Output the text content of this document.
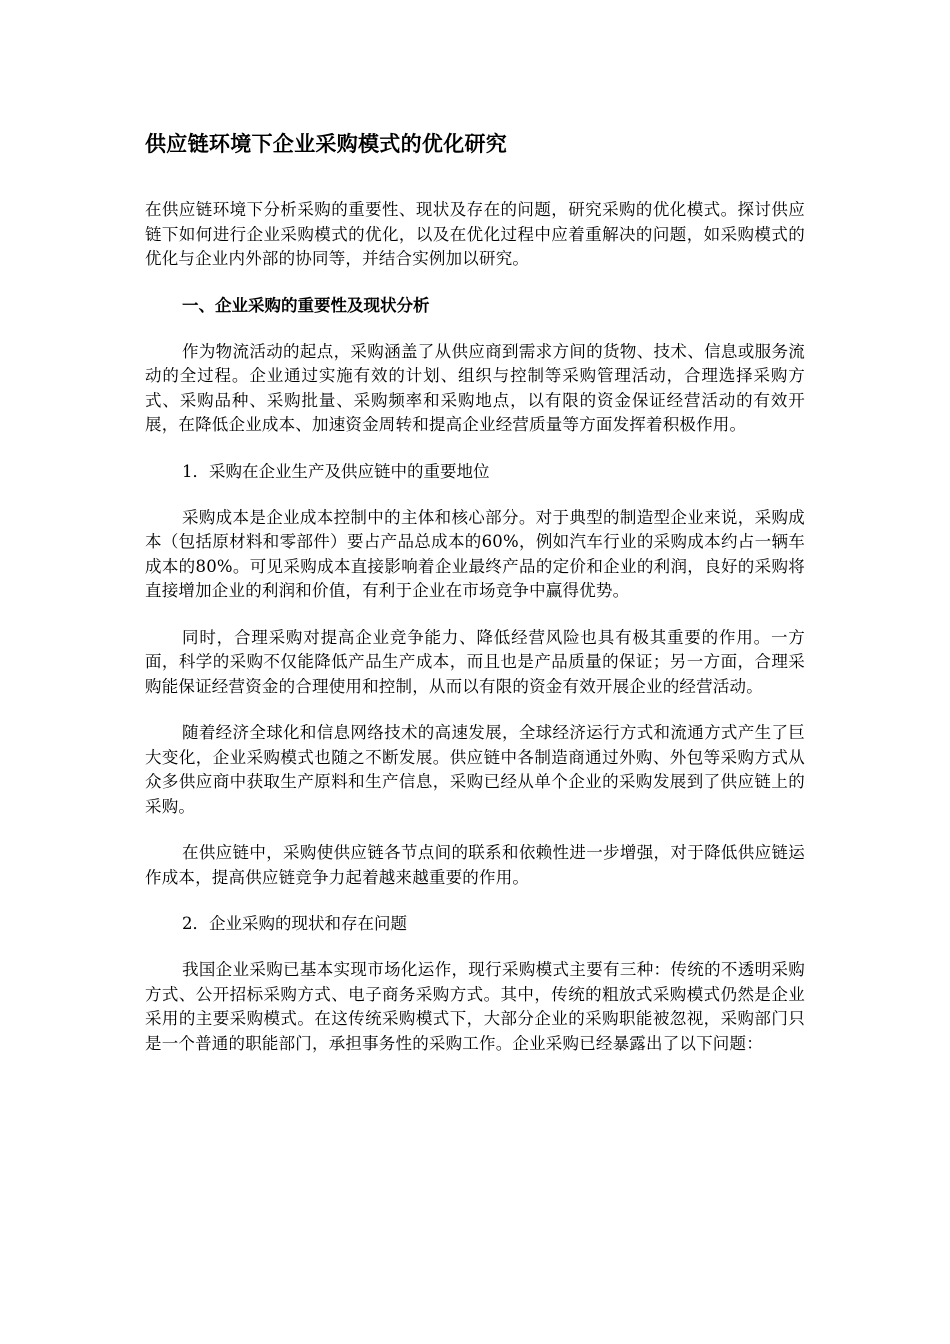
供应链环境下企业采购模式的优化研究

在供应链环境下分析采购的重要性、现状及存在的问题，研究采购的优化模式。探讨供应链下如何进行企业采购模式的优化，以及在优化过程中应着重解决的问题，如采购模式的优化与企业内外部的协同等，并结合实例加以研究。

一、企业采购的重要性及现状分析

作为物流活动的起点，采购涵盖了从供应商到需求方间的货物、技术、信息或服务流动的全过程。企业通过实施有效的计划、组织与控制等采购管理活动，合理选择采购方式、采购品种、采购批量、采购频率和采购地点，以有限的资金保证经营活动的有效开展，在降低企业成本、加速资金周转和提高企业经营质量等方面发挥着积极作用。

1．采购在企业生产及供应链中的重要地位

采购成本是企业成本控制中的主体和核心部分。对于典型的制造型企业来说，采购成本（包括原材料和零部件）要占产品总成本的60%，例如汽车行业的采购成本约占一辆车成本的80%。可见采购成本直接影响着企业最终产品的定价和企业的利润，良好的采购将直接增加企业的利润和价值，有利于企业在市场竞争中赢得优势。

同时，合理采购对提高企业竞争能力、降低经营风险也具有极其重要的作用。一方面，科学的采购不仅能降低产品生产成本，而且也是产品质量的保证；另一方面，合理采购能保证经营资金的合理使用和控制，从而以有限的资金有效开展企业的经营活动。

随着经济全球化和信息网络技术的高速发展，全球经济运行方式和流通方式产生了巨大变化，企业采购模式也随之不断发展。供应链中各制造商通过外购、外包等采购方式从众多供应商中获取生产原料和生产信息，采购已经从单个企业的采购发展到了供应链上的采购。

在供应链中，采购使供应链各节点间的联系和依赖性进一步增强，对于降低供应链运作成本，提高供应链竞争力起着越来越重要的作用。

2．企业采购的现状和存在问题

我国企业采购已基本实现市场化运作，现行采购模式主要有三种：传统的不透明采购方式、公开招标采购方式、电子商务采购方式。其中，传统的粗放式采购模式仍然是企业采用的主要采购模式。在这传统采购模式下，大部分企业的采购职能被忽视，采购部门只是一个普通的职能部门，承担事务性的采购工作。企业采购已经暴露出了以下问题：
